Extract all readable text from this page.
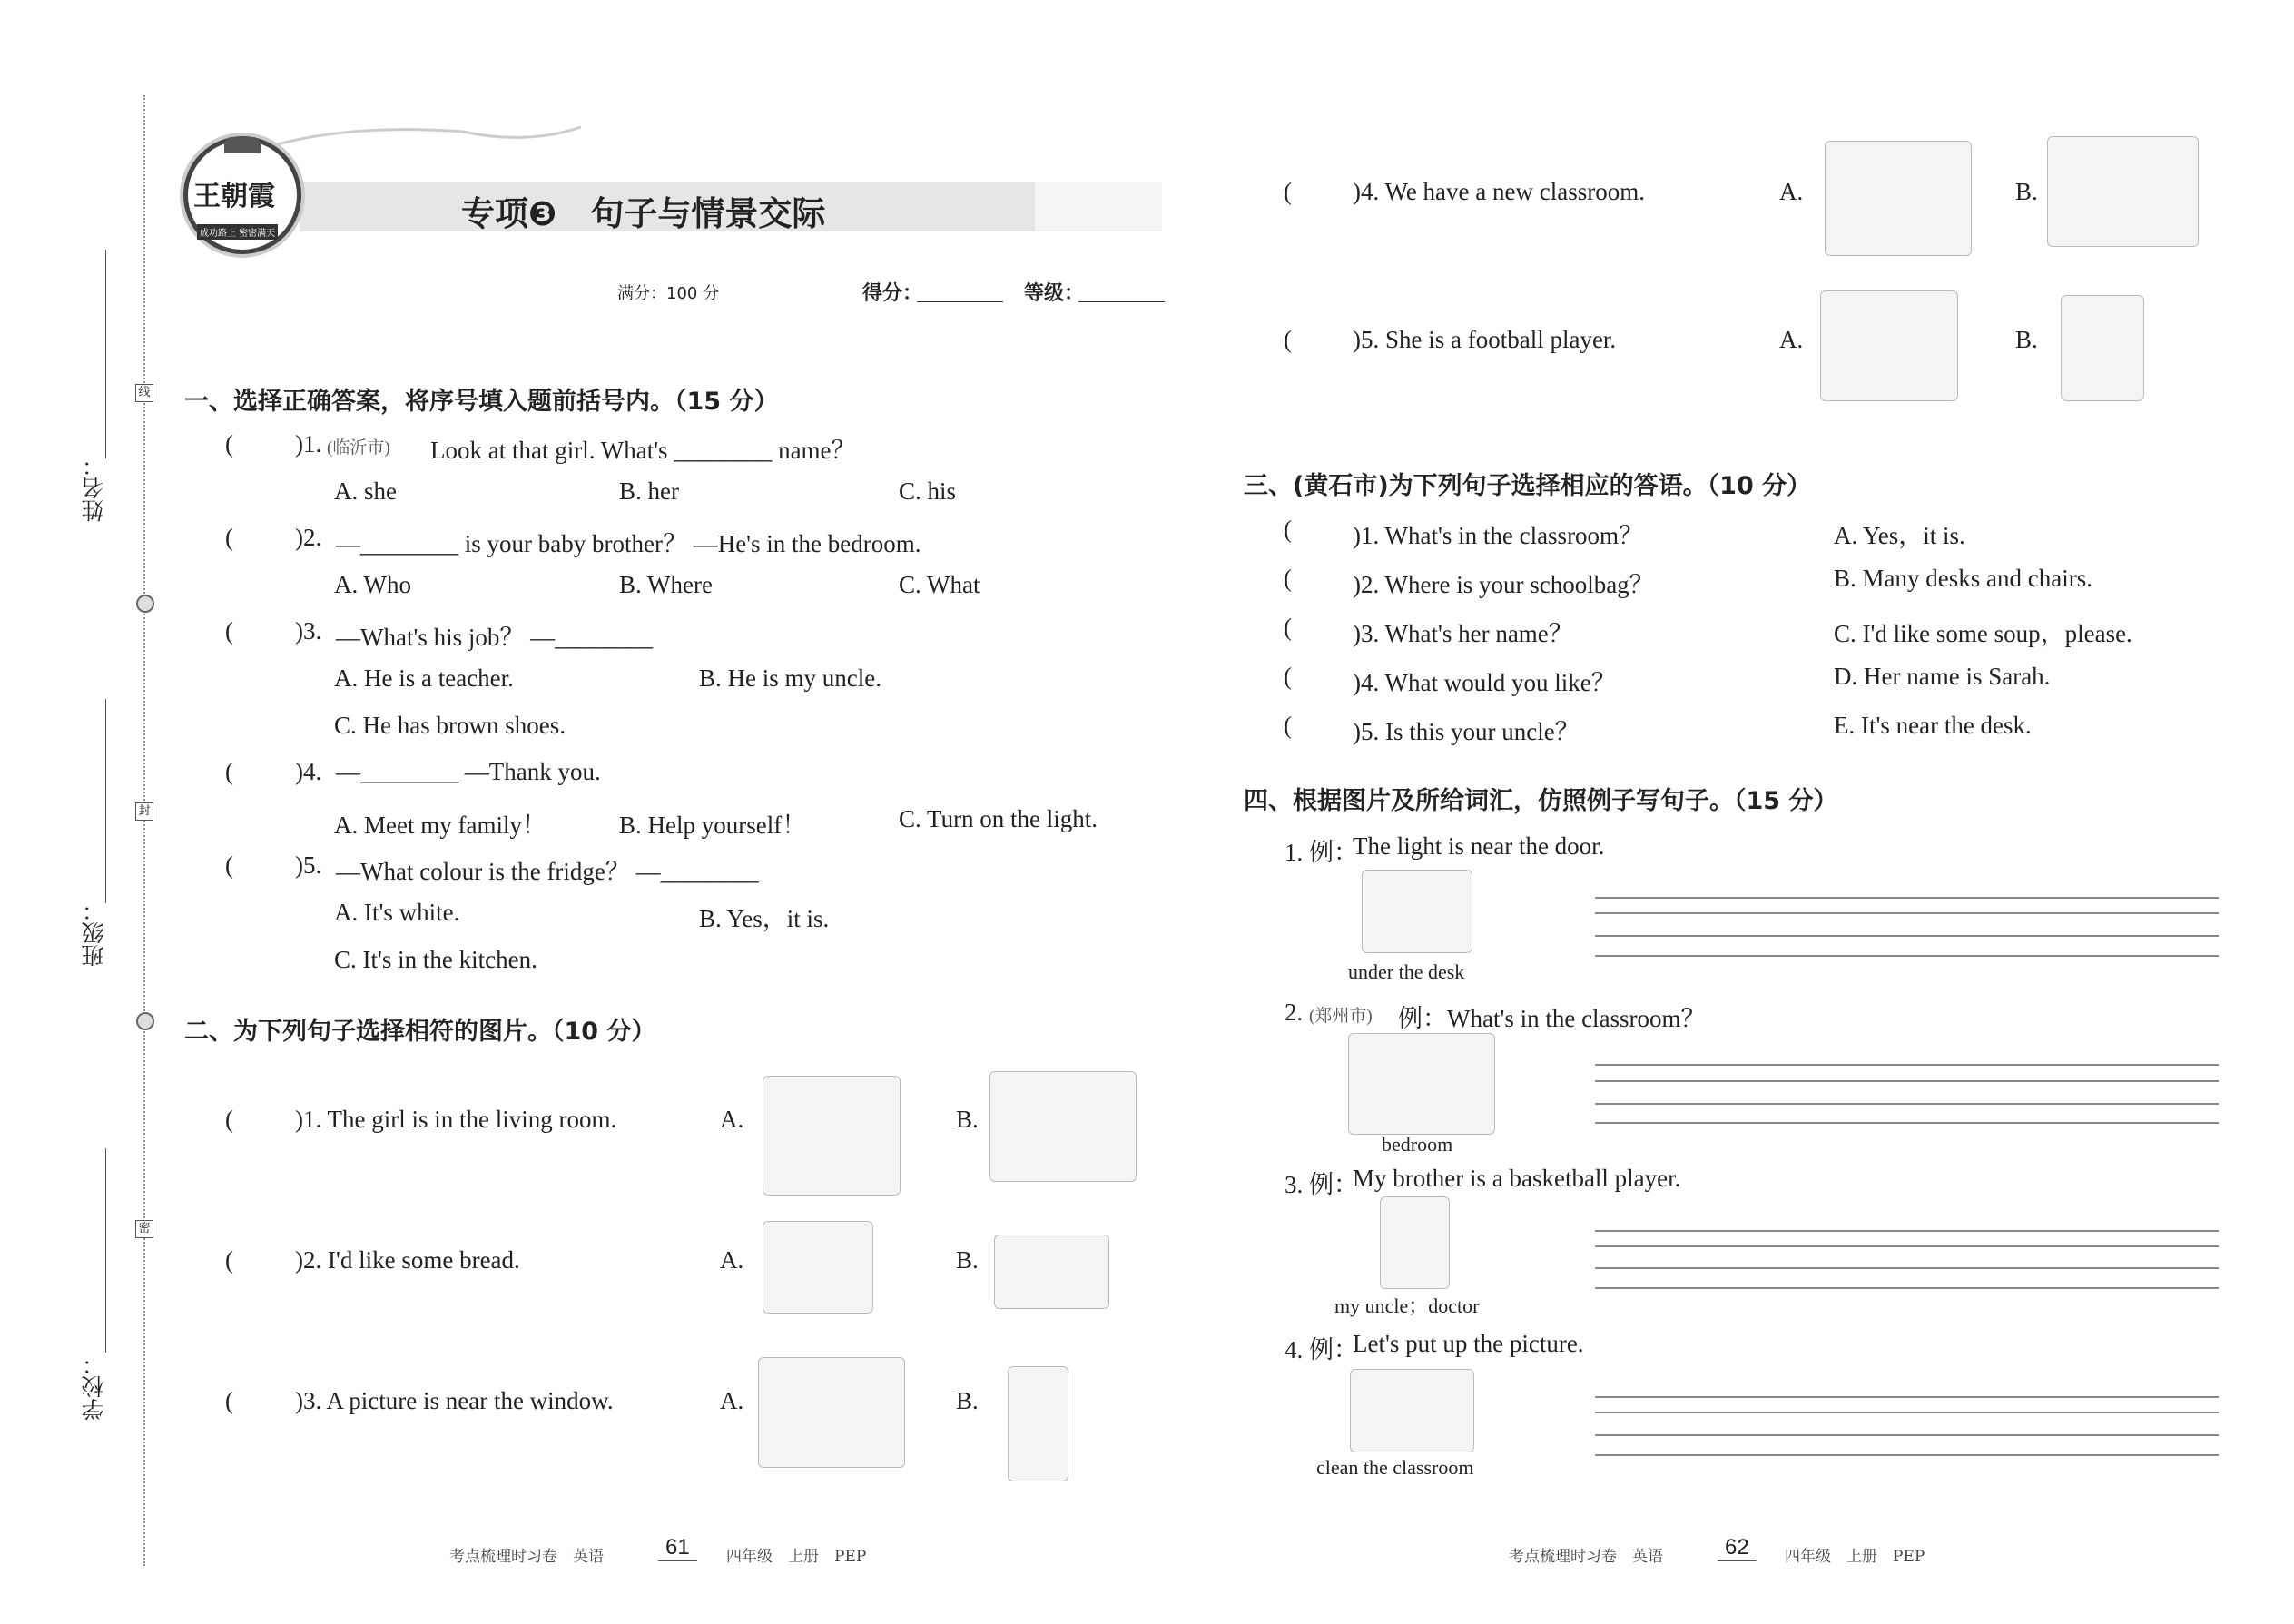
姓名：
班级：
学校：
线
封
密
王朝霞
成功路上 密密满天
专项❸　句子与情景交际
满分：100 分	得分：	等级：
一、选择正确答案，将序号填入题前括号内。（15 分）
(	)1. (临沂市) Look at that girl. What's ________ name？
A. she	B. her	C. his
(	)2. —________ is your baby brother？ —He's in the bedroom.
A. Who	B. Where	C. What
(	)3. —What's his job？ —________
A. He is a teacher.	B. He is my uncle.
C. He has brown shoes.
(	)4. —________ —Thank you.
A. Meet my family！	B. Help yourself！	C. Turn on the light.
(	)5. —What colour is the fridge？ —________
A. It's white.	B. Yes，it is.
C. It's in the kitchen.
二、为下列句子选择相符的图片。（10 分）
(	)1. The girl is in the living room.	A.	B.
(	)2. I'd like some bread.	A.	B.
(	)3. A picture is near the window.	A.	B.
( )4. We have a new classroom.	A.	B.
( )5. She is a football player.	A.	B.
三、(黄石市)为下列句子选择相应的答语。（10 分）
( )1. What's in the classroom？	A. Yes，it is.
( )2. Where is your schoolbag？	B. Many desks and chairs.
( )3. What's her name？	C. I'd like some soup，please.
( )4. What would you like？	D. Her name is Sarah.
( )5. Is this your uncle？	E. It's near the desk.
四、根据图片及所给词汇，仿照例子写句子。（15 分）
1. 例：
The light is near the door.
under the desk
2. (郑州市) 例：What's in the classroom？
bedroom
3. 例：
My brother is a basketball player.
my uncle；doctor
4. 例：
Let's put up the picture.
clean the classroom
考点梳理时习卷　英语	61	四年级　上册　PEP	考点梳理时习卷　英语	62	四年级　上册　PEP
